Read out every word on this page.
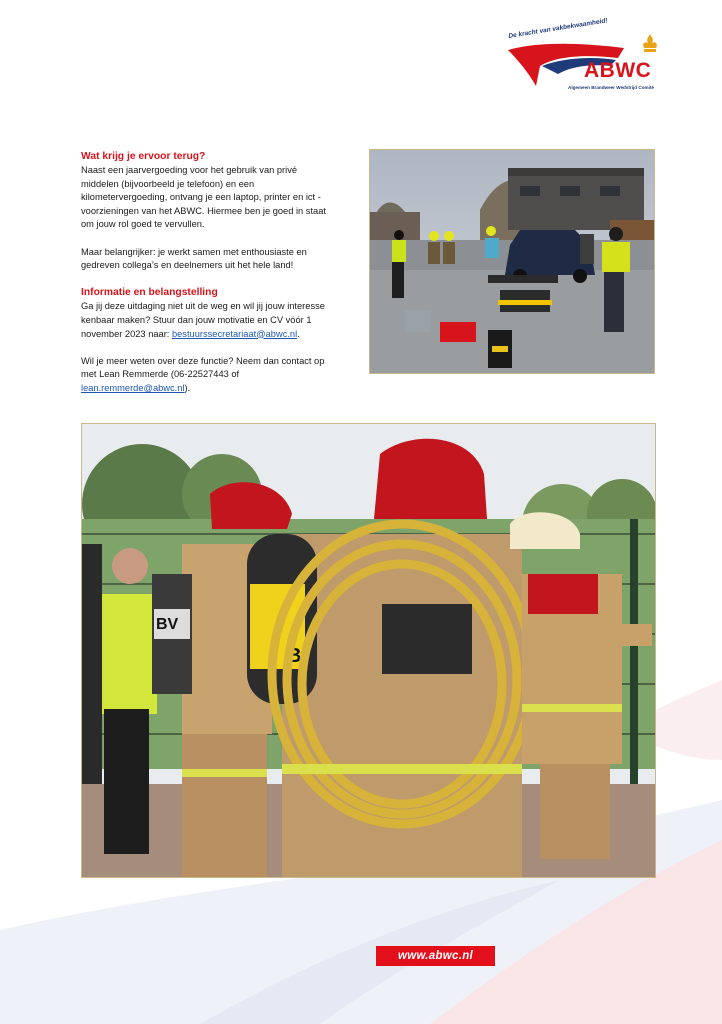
De kracht van vakbekwaamheid!
ABWC
Algemeen Brandweer Wedstrijd Comité
Wat krijg je ervoor terug?
Naast een jaarvergoeding voor het gebruik van privé
middelen (bijvoorbeeld je telefoon) en een
kilometervergoeding, ontvang je een laptop, printer en ict -
voorzieningen van het ABWC. Hiermee ben je goed in staat
om jouw rol goed te vervullen.
Maar belangrijker: je werkt samen met enthousiaste en
gedreven collega’s en deelnemers uit het hele land!
Informatie en belangstelling
Ga jij deze uitdaging niet uit de weg en wil jij jouw interesse
kenbaar maken? Stuur dan jouw motivatie en CV vóór 1
november 2023 naar: bestuurssecretariaat@abwc.nl.
Wil je meer weten over deze functie? Neem dan contact op
met Lean Remmerde (06-22527443 of
lean.remmerde@abwc.nl).
BV
B
www.abwc.nl
